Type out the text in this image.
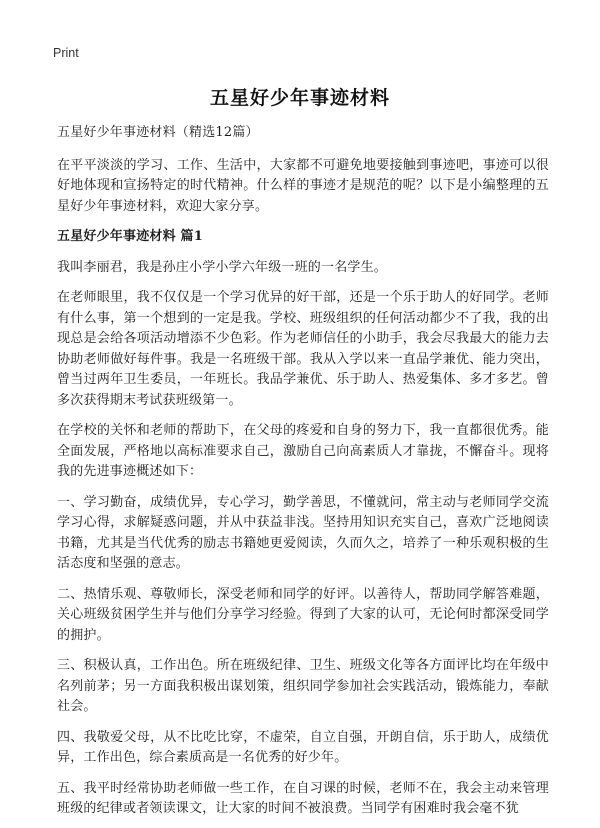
Print
五星好少年事迹材料

五星好少年事迹材料（精选12篇）

在平平淡淡的学习、工作、生活中，大家都不可避免地要接触到事迹吧，事迹可以很好地体现和宣扬特定的时代精神。什么样的事迹才是规范的呢？以下是小编整理的五星好少年事迹材料，欢迎大家分享。

五星好少年事迹材料 篇1

我叫李丽君，我是孙庄小学小学六年级一班的一名学生。

在老师眼里，我不仅仅是一个学习优异的好干部，还是一个乐于助人的好同学。老师有什么事，第一个想到的一定是我。学校、班级组织的任何活动都少不了我，我的出现总是会给各项活动增添不少色彩。作为老师信任的小助手，我会尽我最大的能力去协助老师做好每件事。我是一名班级干部。我从入学以来一直品学兼优、能力突出，曾当过两年卫生委员，一年班长。我品学兼优、乐于助人、热爱集体、多才多艺。曾多次获得期末考试获班级第一。

在学校的关怀和老师的帮助下，在父母的疼爱和自身的努力下，我一直都很优秀。能全面发展，严格地以高标准要求自己，激励自己向高素质人才靠拢，不懈奋斗。现将我的先进事迹概述如下：

一、学习勤奋，成绩优异，专心学习，勤学善思，不懂就问，常主动与老师同学交流学习心得，求解疑惑问题，并从中获益非浅。坚持用知识充实自己，喜欢广泛地阅读书籍，尤其是当代优秀的励志书籍她更爱阅读，久而久之，培养了一种乐观积极的生活态度和坚强的意志。

二、热情乐观、尊敬师长，深受老师和同学的好评。以善待人，帮助同学解答难题，关心班级贫困学生并与他们分享学习经验。得到了大家的认可，无论何时都深受同学的拥护。

三、积极认真，工作出色。所在班级纪律、卫生、班级文化等各方面评比均在年级中名列前茅；另一方面我积极出谋划策，组织同学参加社会实践活动，锻炼能力，奉献社会。

四、我敬爱父母，从不比吃比穿，不虚荣，自立自强，开朗自信，乐于助人，成绩优异，工作出色，综合素质高是一名优秀的好少年。

五、我平时经常协助老师做一些工作，在自习课的时候，老师不在，我会主动来管理班级的纪律或者领读课文，让大家的时间不被浪费。当同学有困难时我会毫不犹
